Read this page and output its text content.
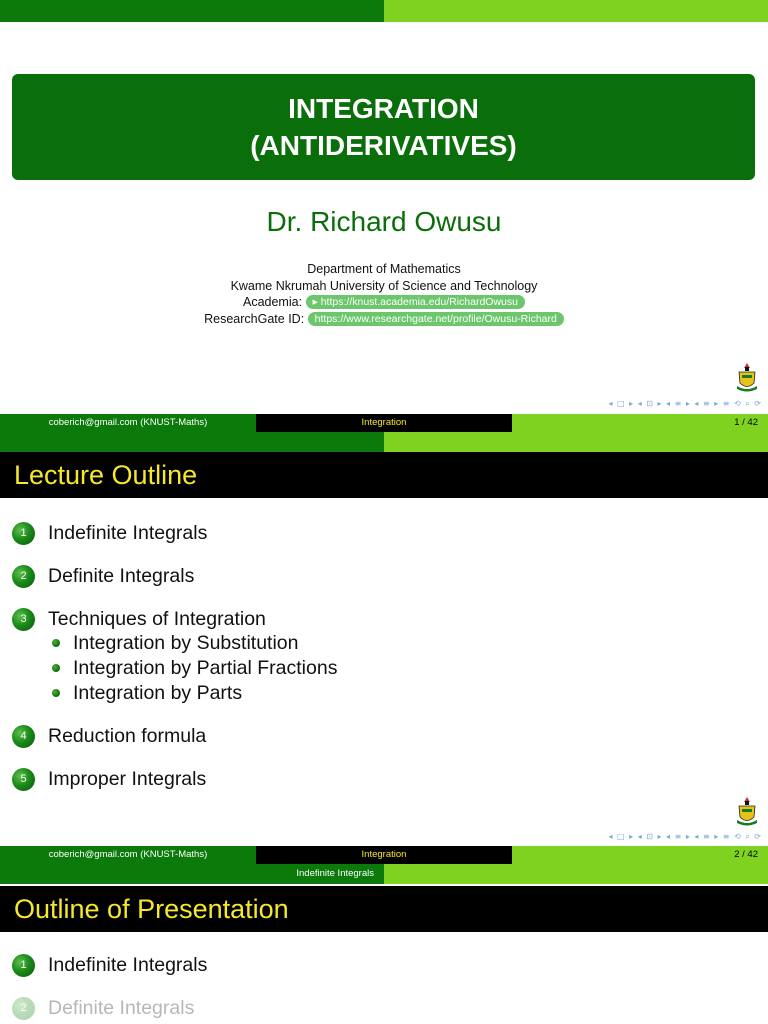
INTEGRATION
(ANTIDERIVATIVES)
Dr. Richard Owusu
Department of Mathematics
Kwame Nkrumah University of Science and Technology
Academia: ▸ https://knust.academia.edu/RichardOwusu
ResearchGate ID: https://www.researchgate.net/profile/Owusu-Richard
◂ □ ▸ ◂ ⊡ ▸ ◂ ≡ ▸ ◂ ≡ ▸ ≡ ⟲ ⌕ ⟳
coberich@gmail.com (KNUST-Maths)	Integration	1 / 42
Lecture Outline
1 Indefinite Integrals
2 Definite Integrals
3 Techniques of Integration
Integration by Substitution
Integration by Partial Fractions
Integration by Parts
4 Reduction formula
5 Improper Integrals
◂ □ ▸ ◂ ⊡ ▸ ◂ ≡ ▸ ◂ ≡ ▸ ≡ ⟲ ⌕ ⟳
coberich@gmail.com (KNUST-Maths)	Integration	2 / 42
Indefinite Integrals
Outline of Presentation
1 Indefinite Integrals
2 Definite Integrals
